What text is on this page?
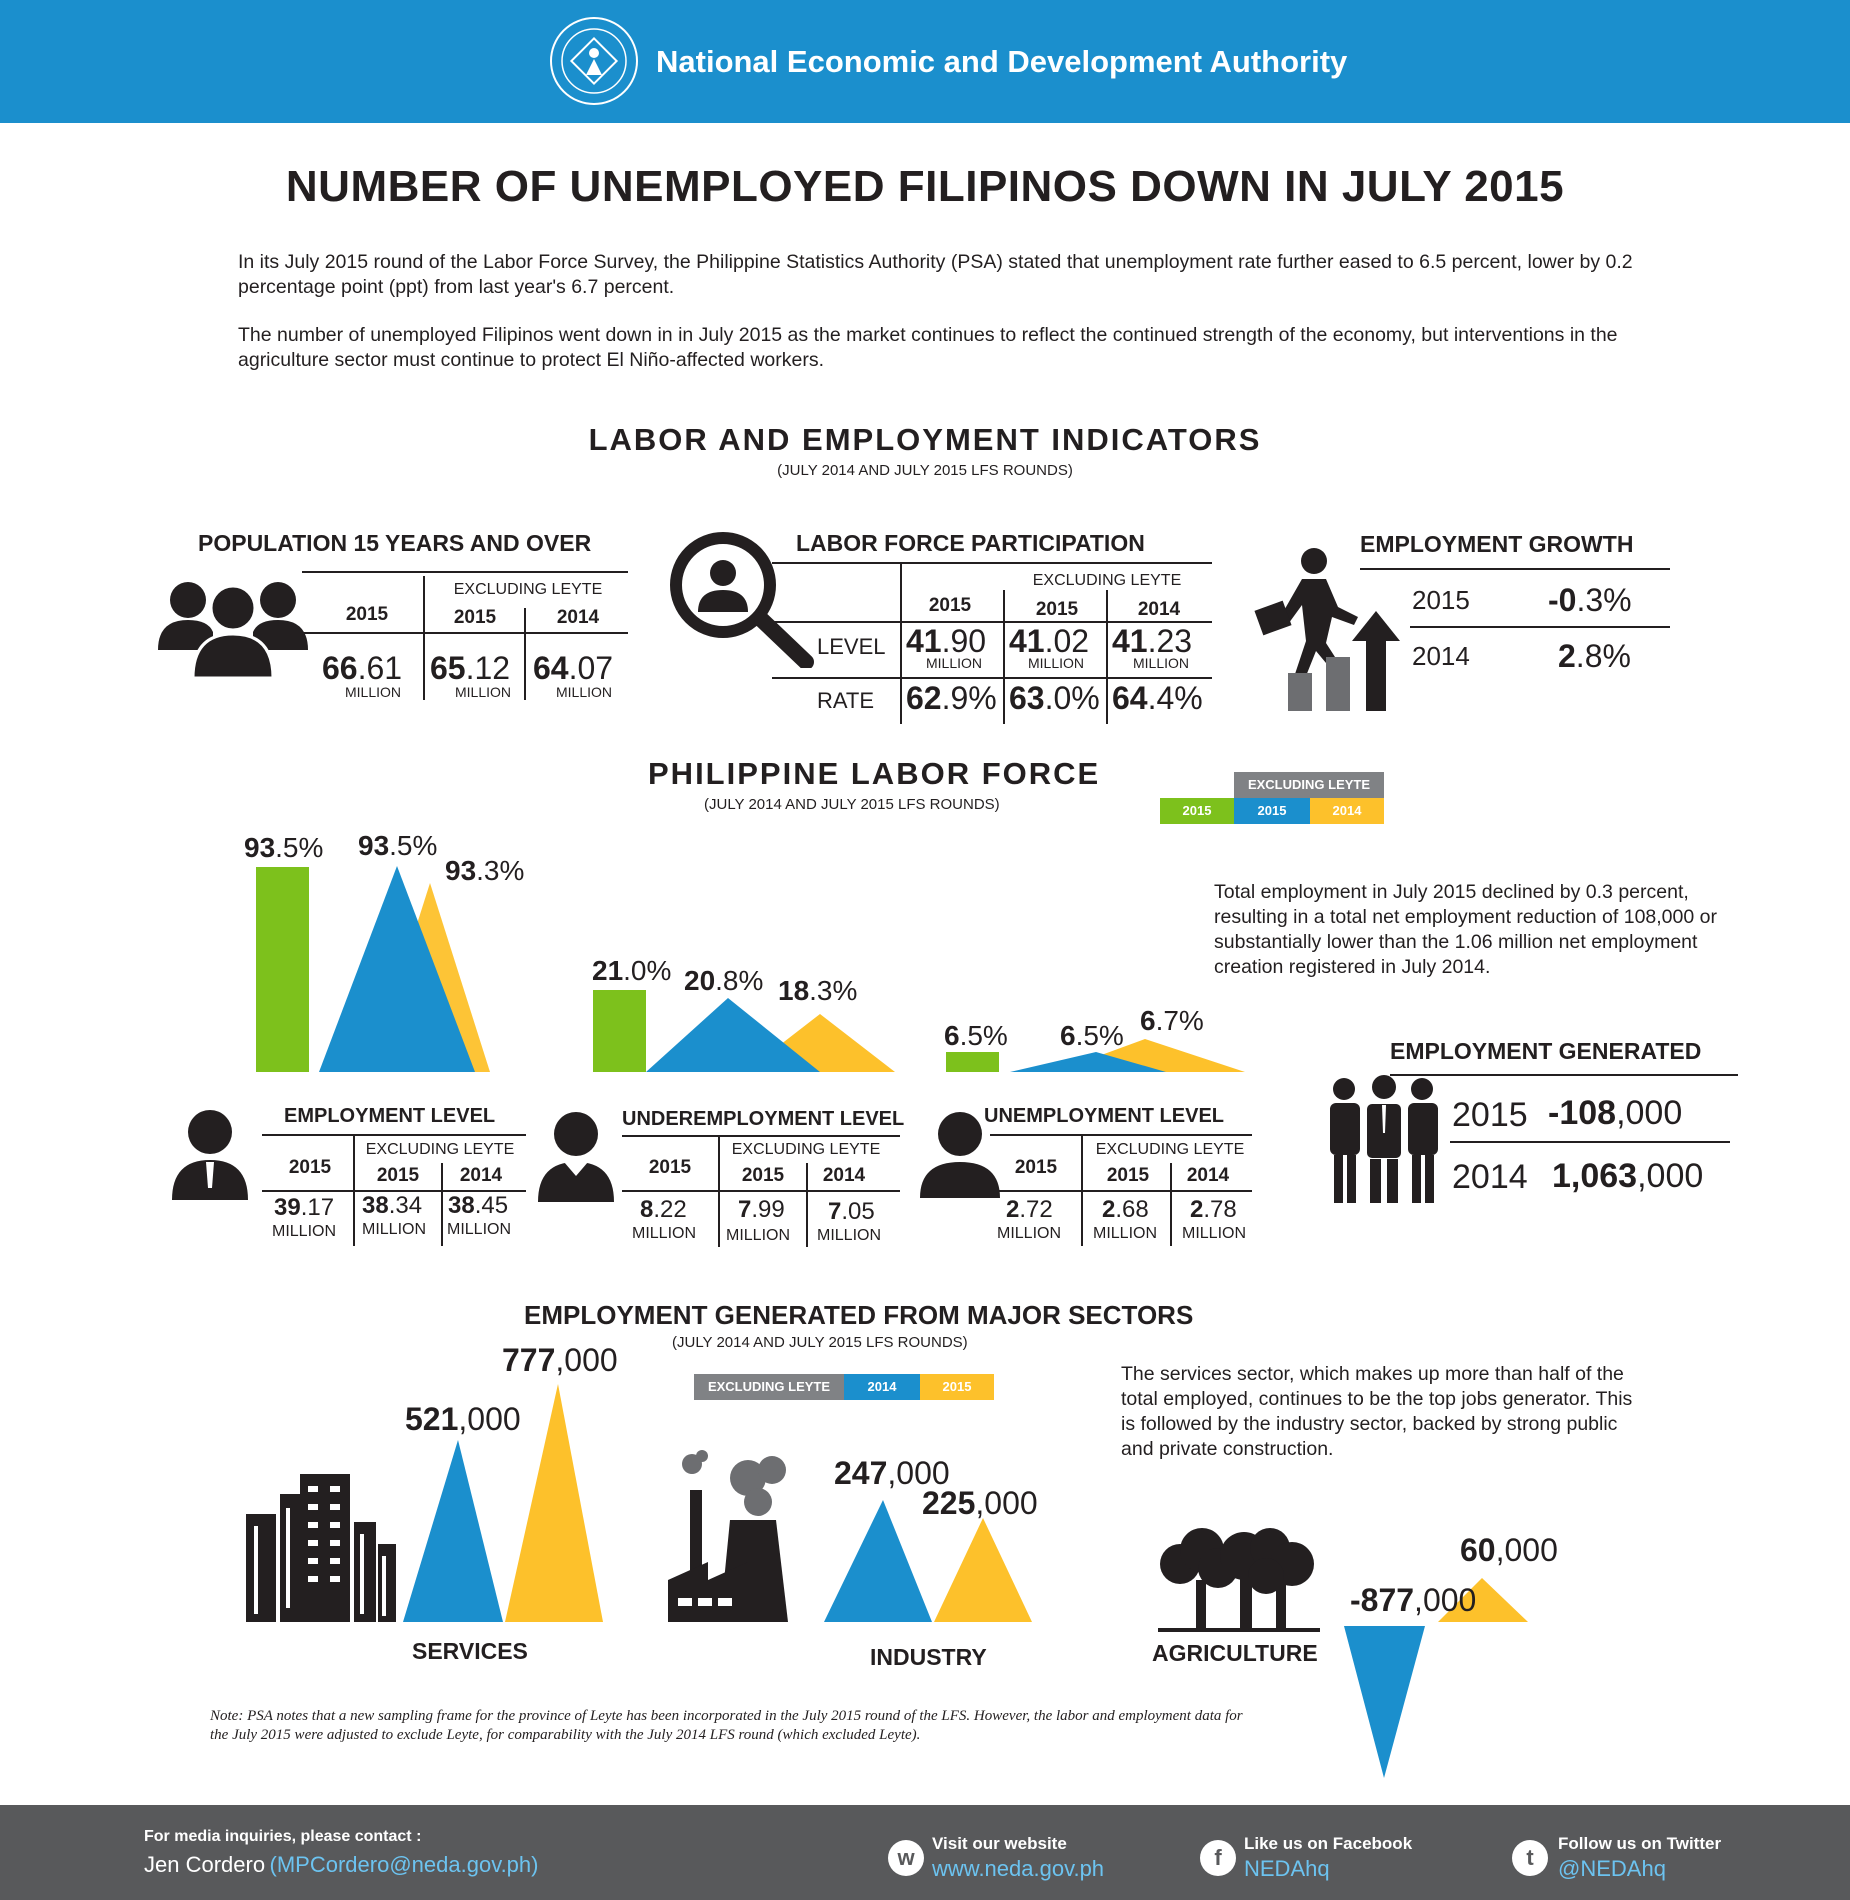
National Economic and Development Authority
NUMBER OF UNEMPLOYED FILIPINOS DOWN IN JULY 2015
In its July 2015 round of the Labor Force Survey, the Philippine Statistics Authority (PSA) stated that unemployment rate further eased to 6.5 percent, lower by 0.2 percentage point (ppt) from last year's 6.7 percent.
The number of unemployed Filipinos went down in in July 2015 as the market continues to reflect the continued strength of the economy, but interventions in the agriculture sector must continue to protect El Niño-affected workers.
LABOR AND EMPLOYMENT INDICATORS
(JULY 2014 AND JULY 2015 LFS ROUNDS)
POPULATION 15 YEARS AND OVER
EXCLUDING LEYTE
2015	2015	2014
66.61 65.12 64.07
MILLION	MILLION	MILLION
LABOR FORCE PARTICIPATION
EXCLUDING LEYTE
2015	2015	2014
LEVEL
RATE
41.90 41.02 41.23
MILLION	MILLION	MILLION
62.9% 63.0% 64.4%
EMPLOYMENT GROWTH
2015 -0.3%
2014	2.8%
PHILIPPINE LABOR FORCE
(JULY 2014 AND JULY 2015 LFS ROUNDS)
EXCLUDING LEYTE
2015	2015	2014
93.5% 93.5%
93.3%
21.0% 20.8% 18.3%
6.5% 6.5% 6.7%
Total employment in July 2015 declined by 0.3 percent, resulting in a total net employment reduction of 108,000 or substantially lower than the 1.06 million net employment creation registered in July 2014.
EMPLOYMENT LEVEL
EXCLUDING LEYTE
2015	2015	2014
39.17 38.34 38.45
MILLION MILLION MILLION
UNDEREMPLOYMENT LEVEL
EXCLUDING LEYTE
2015	2015	2014
8.22 7.99 7.05
MILLION MILLION MILLION
UNEMPLOYMENT LEVEL
EXCLUDING LEYTE
2015	2015	2014
2.72 2.68 2.78
MILLION MILLION MILLION
EMPLOYMENT GENERATED
2015 -108,000
2014 1,063,000
EMPLOYMENT GENERATED FROM MAJOR SECTORS
(JULY 2014 AND JULY 2015 LFS ROUNDS)
EXCLUDING LEYTE	2014	2015
The services sector, which makes up more than half of the total employed, continues to be the top jobs generator. This is followed by the industry sector, backed by strong public and private construction.
777,000
521,000
247,000
225,000
60,000
-877,000
SERVICES	INDUSTRY	AGRICULTURE
Note: PSA notes that a new sampling frame for the province of Leyte has been incorporated in the July 2015 round of the LFS. However, the labor and employment data for the July 2015 were adjusted to exclude Leyte, for comparability with the July 2014 LFS round (which excluded Leyte).
For media inquiries, please contact :
Jen Cordero (MPCordero@neda.gov.ph)	w
Visit our website
www.neda.gov.ph	f
Like us on Facebook
NEDAhq	t
Follow us on Twitter
@NEDAhq
